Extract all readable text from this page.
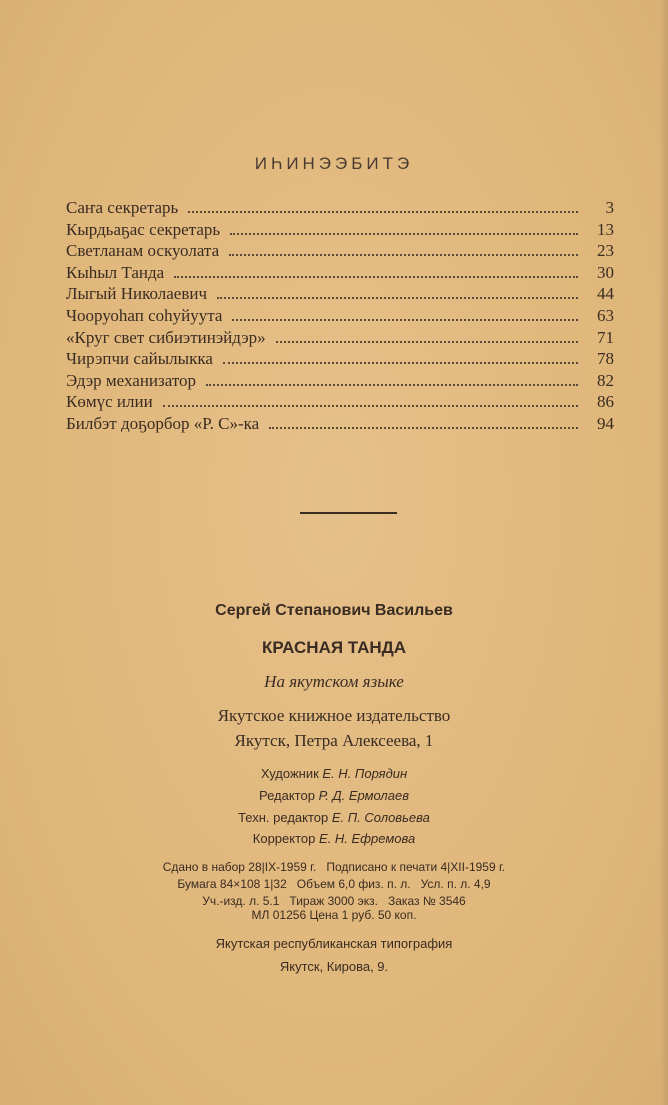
ИҺИНЭЭБИТЭ
Саҥа секретарь	3
Кырдьаҕас секретарь	13
Светланам оскуолата	23
Кыһыл Танда	30
Лыгый Николаевич	44
Чооруоһап соһуйуута	63
«Круг свет сибиэтинэйдэр»	71
Чирэпчи сайылыкка	78
Эдэр механизатор	82
Көмүс илии	86
Билбэт доҕорбор «Р. С»-ка	94
Сергей Степанович Васильев
КРАСНАЯ ТАНДА
На якутском языке
Якутское книжное издательство
Якутск, Петра Алексеева, 1
Художник Е. Н. Порядин
Редактор Р. Д. Ермолаев
Техн. редактор Е. П. Соловьева
Корректор Е. Н. Ефремова
Сдано в набор 28|IX-1959 г.   Подписано к печати 4|XII-1959 г.
Бумага 84×108 1|32   Объем 6,0 физ. п. л.   Усл. п. л. 4,9
Уч.-изд. л. 5.1   Тираж 3000 экз.   Заказ № 3546
МЛ 01256 Цена 1 руб. 50 коп.
Якутская республиканская типография
Якутск, Кирова, 9.
